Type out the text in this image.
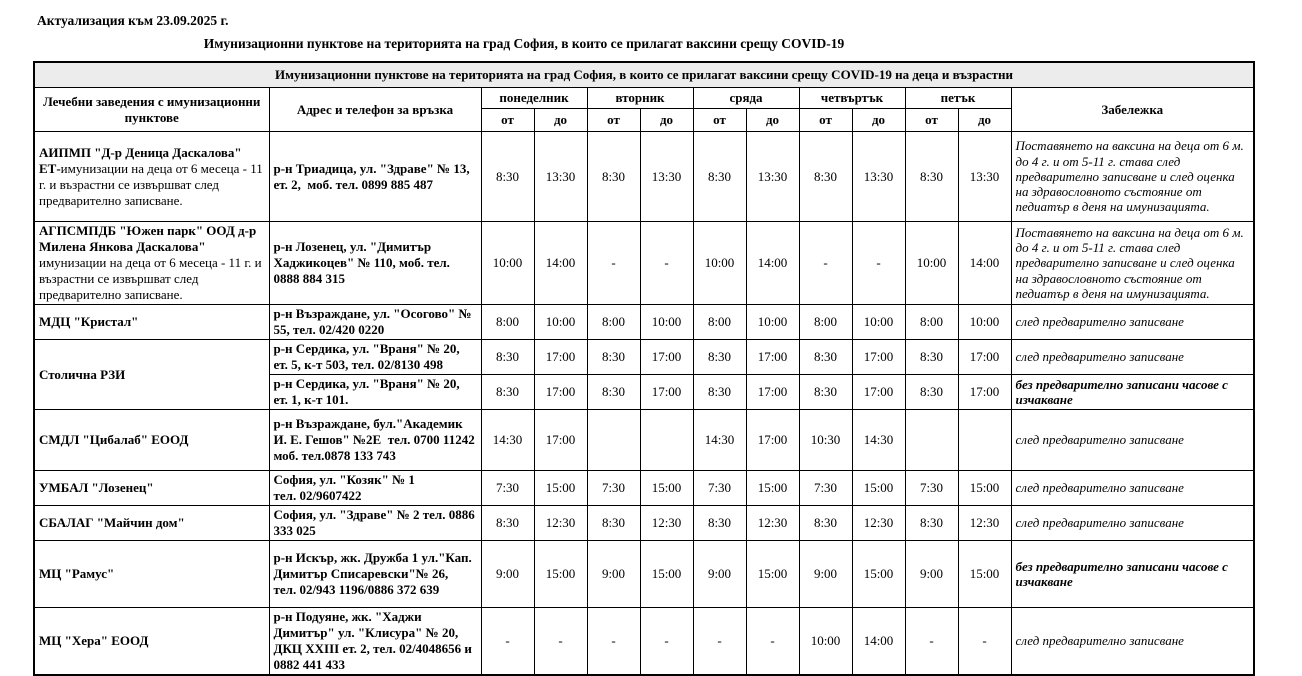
Актуализация към 23.09.2025 г.
Имунизационни пунктове на територията на град София, в които се прилагат ваксини срещу COVID-19
Имунизационни пунктове на територията на град София, в които се прилагат ваксини срещу COVID-19 на деца и възрастни												
Лечебни заведения с имунизационни пунктове	Адрес и телефон за връзка	понеделник		вторник		сряда		четвъртък		петък		Забележка
		от	до	от	до	от	до	от	до	от	до	
АИПМП "Д-р Деница Даскалова" ЕТ-имунизации на деца от 6 месеца - 11 г. и възрастни се извършват след предварително записване.	р-н Триадица, ул. "Здраве" № 13, ет. 2,  моб. тел. 0899 885 487	8:30	13:30	8:30	13:30	8:30	13:30	8:30	13:30	8:30	13:30	Поставянето на ваксина на деца от 6 м. до 4 г. и от 5-11 г. става след предварително записване и след оценка на здравословното състояние от педиатър в деня на имунизацията.
АГПСМПДБ "Южен парк" ООД д-р Милена Янкова Даскалова" имунизации на деца от 6 месеца - 11 г. и възрастни се извършват след предварително записване.	р-н Лозенец, ул. "Димитър Хаджикоцев" № 110, моб. тел. 0888 884 315	10:00	14:00	-	-	10:00	14:00	-	-	10:00	14:00	Поставянето на ваксина на деца от 6 м. до 4 г. и от 5-11 г. става след предварително записване и след оценка на здравословното състояние от педиатър в деня на имунизацията.
МДЦ "Кристал"	р-н Възраждане, ул. "Осогово" № 55, тел. 02/420 0220	8:00	10:00	8:00	10:00	8:00	10:00	8:00	10:00	8:00	10:00	след предварително записване
Столична РЗИ	р-н Сердика, ул. "Враня" № 20, ет. 5, к-т 503, тел. 02/8130 498	8:30	17:00	8:30	17:00	8:30	17:00	8:30	17:00	8:30	17:00	след предварително записване
	р-н Сердика, ул. "Враня" № 20, ет. 1, к-т 101.	8:30	17:00	8:30	17:00	8:30	17:00	8:30	17:00	8:30	17:00	без предварително записани часове с изчакване
СМДЛ "Цибалаб" ЕООД	р-н Възраждане, бул."Академик И. Е. Гешов" №2Е  тел. 0700 11242 моб. тел.0878 133 743	14:30	17:00			14:30	17:00	10:30	14:30			след предварително записване
УМБАЛ "Лозенец"	София, ул. "Козяк" № 1             тел. 02/9607422	7:30	15:00	7:30	15:00	7:30	15:00	7:30	15:00	7:30	15:00	след предварително записване
СБАЛАГ "Майчин дом"	София, ул. "Здраве" № 2 тел. 0886 333 025	8:30	12:30	8:30	12:30	8:30	12:30	8:30	12:30	8:30	12:30	след предварително записване
МЦ "Рамус"	р-н Искър, жк. Дружба 1 ул."Кап. Димитър Списаревски"№ 26,   тел. 02/943 1196/0886 372 639	9:00	15:00	9:00	15:00	9:00	15:00	9:00	15:00	9:00	15:00	без предварително записани часове с изчакване
МЦ "Хера" ЕООД	р-н Подуяне, жк. "Хаджи Димитър" ул. "Клисура" № 20, ДКЦ XXIII ет. 2, тел. 02/4048656 и 0882 441 433	-	-	-	-	-	-	10:00	14:00	-	-	след предварително записване
